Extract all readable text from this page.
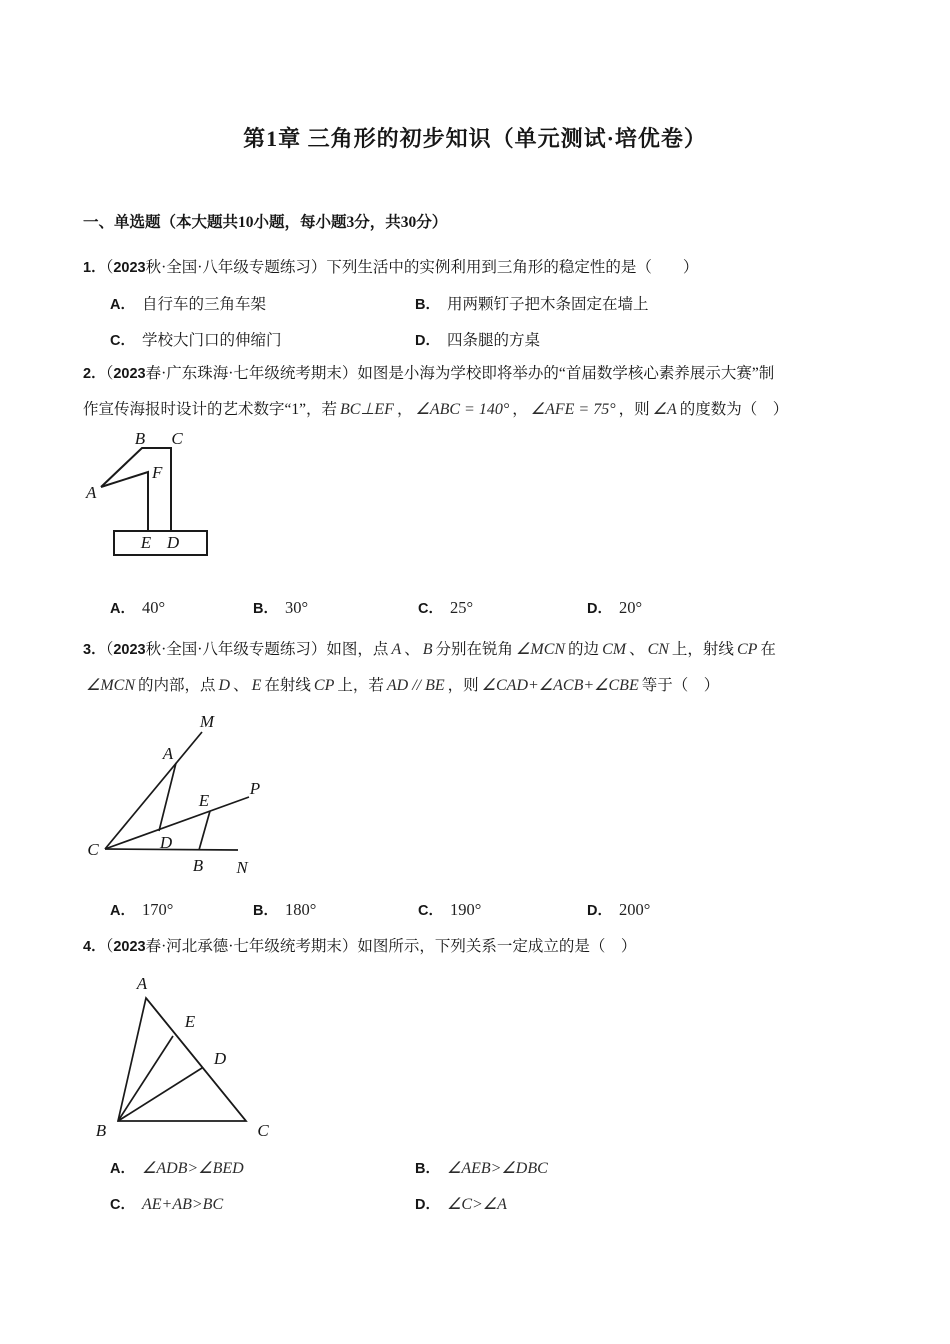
第1章 三角形的初步知识（单元测试·培优卷）
一、单选题（本大题共10小题，每小题3分，共30分）
1．（2023秋·全国·八年级专题练习）下列生活中的实例利用到三角形的稳定性的是（　　）
A． 自行车的三角车架	B． 用两颗钉子把木条固定在墙上
C． 学校大门口的伸缩门	D． 四条腿的方桌
2．（2023春·广东珠海·七年级统考期末）如图是小海为学校即将举办的“首届数学核心素养展示大赛”制
作宣传海报时设计的艺术数字“1”，若 BC⊥EF ， ∠ABC = 140° ， ∠AFE = 75° ，则 ∠A 的度数为（　）
B C
F
A
E D
A． 40°	B． 30°	C． 25°	D． 20°
3．（2023秋·全国·八年级专题练习）如图，点 A 、 B 分别在锐角 ∠MCN 的边 CM 、 CN 上，射线 CP 在
∠MCN 的内部，点 D 、 E 在射线 CP 上，若 AD // BE ，则 ∠CAD+∠ACB+∠CBE 等于（　）
M
A
P
E
C	D
B N
A． 170°	B． 180°	C． 190°	D． 200°
4．（2023春·河北承德·七年级统考期末）如图所示，下列关系一定成立的是（　）
A
E
D
B	C
A． ∠ADB>∠BED	B． ∠AEB>∠DBC
C． AE+AB>BC	D． ∠C>∠A
